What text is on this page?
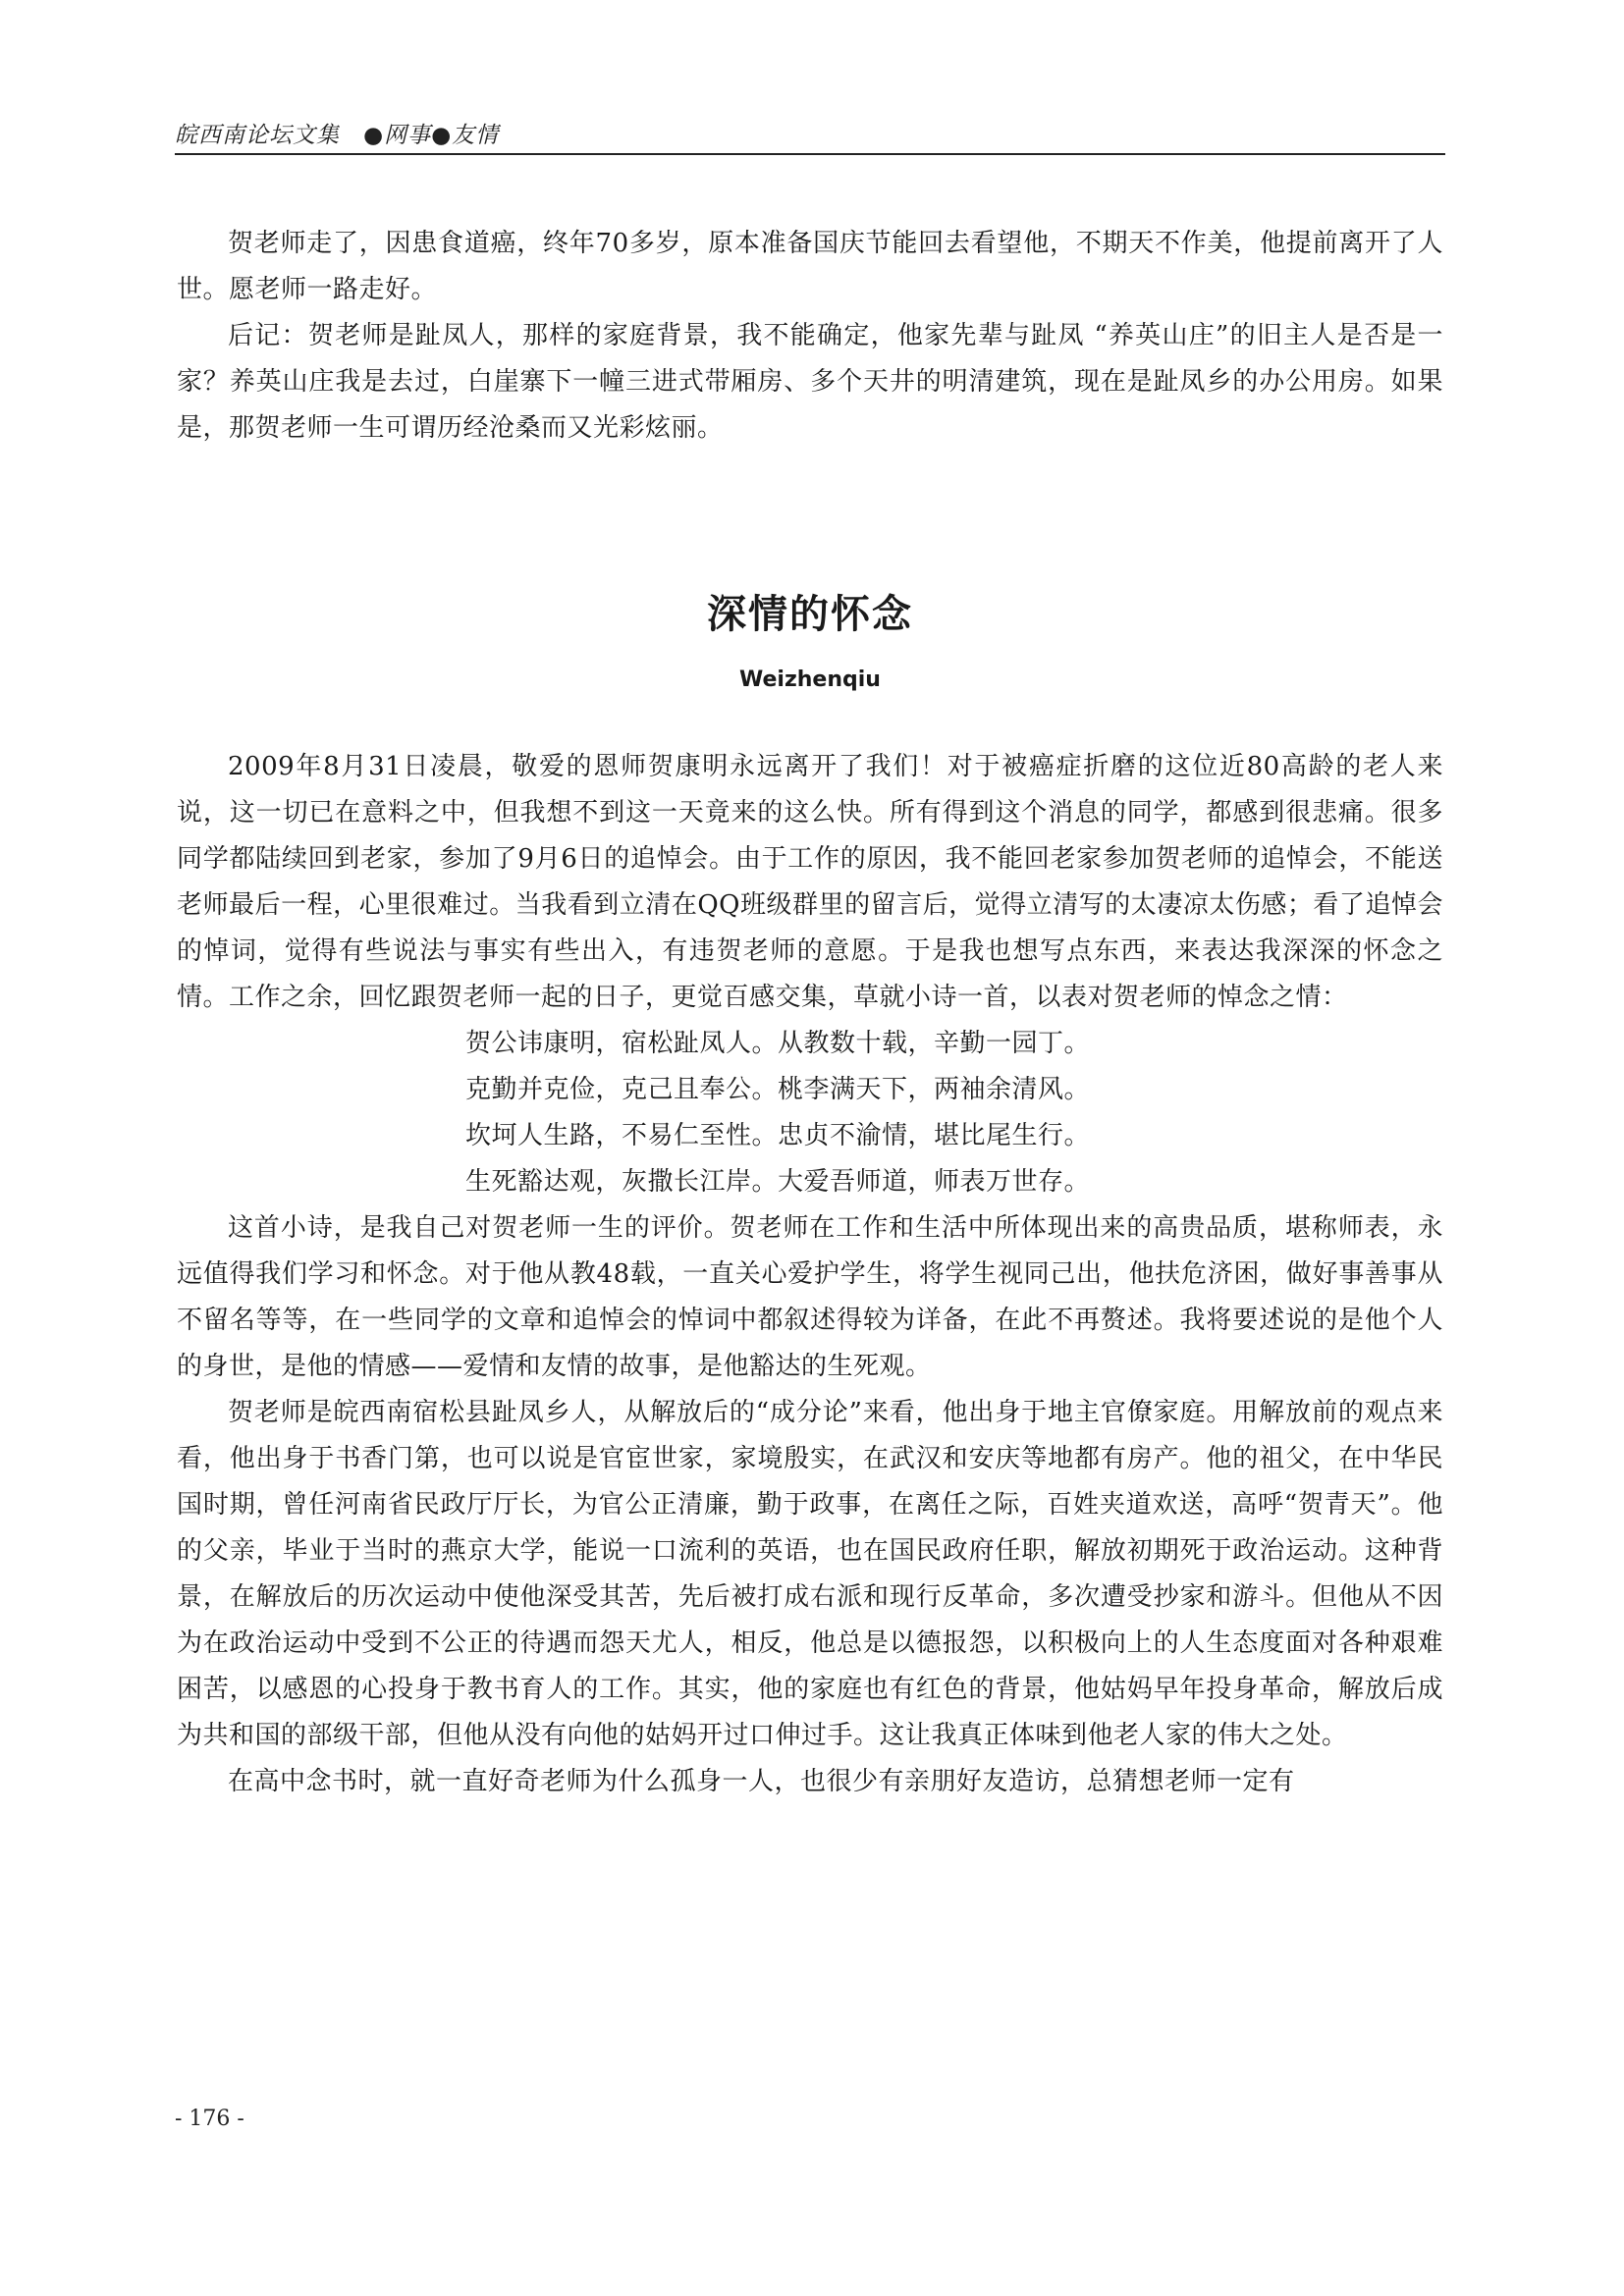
皖西南论坛文集　●网事●友情

贺老师走了，因患食道癌，终年70多岁，原本准备国庆节能回去看望他，不期天不作美，他提前离开了人世。愿老师一路走好。

后记：贺老师是趾凤人，那样的家庭背景，我不能确定，他家先辈与趾凤 “养英山庄”的旧主人是否是一家？养英山庄我是去过，白崖寨下一幢三进式带厢房、多个天井的明清建筑，现在是趾凤乡的办公用房。如果是，那贺老师一生可谓历经沧桑而又光彩炫丽。

深情的怀念
Weizhenqiu

2009年8月31日凌晨，敬爱的恩师贺康明永远离开了我们！对于被癌症折磨的这位近80高龄的老人来说，这一切已在意料之中，但我想不到这一天竟来的这么快。所有得到这个消息的同学，都感到很悲痛。很多同学都陆续回到老家，参加了9月6日的追悼会。由于工作的原因，我不能回老家参加贺老师的追悼会，不能送老师最后一程，心里很难过。当我看到立清在QQ班级群里的留言后，觉得立清写的太凄凉太伤感；看了追悼会的悼词，觉得有些说法与事实有些出入，有违贺老师的意愿。于是我也想写点东西，来表达我深深的怀念之情。工作之余，回忆跟贺老师一起的日子，更觉百感交集，草就小诗一首，以表对贺老师的悼念之情：

贺公讳康明，宿松趾凤人。从教数十载，辛勤一园丁。
克勤并克俭，克己且奉公。桃李满天下，两袖余清风。
坎坷人生路，不易仁至性。忠贞不渝情，堪比尾生行。
生死豁达观，灰撒长江岸。大爱吾师道，师表万世存。

这首小诗，是我自己对贺老师一生的评价。贺老师在工作和生活中所体现出来的高贵品质，堪称师表，永远值得我们学习和怀念。对于他从教48载，一直关心爱护学生，将学生视同己出，他扶危济困，做好事善事从不留名等等，在一些同学的文章和追悼会的悼词中都叙述得较为详备，在此不再赘述。我将要述说的是他个人的身世，是他的情感——爱情和友情的故事，是他豁达的生死观。

贺老师是皖西南宿松县趾凤乡人，从解放后的“成分论”来看，他出身于地主官僚家庭。用解放前的观点来看，他出身于书香门第，也可以说是官宦世家，家境殷实，在武汉和安庆等地都有房产。他的祖父，在中华民国时期，曾任河南省民政厅厅长，为官公正清廉，勤于政事，在离任之际，百姓夹道欢送，高呼“贺青天”。他的父亲，毕业于当时的燕京大学，能说一口流利的英语，也在国民政府任职，解放初期死于政治运动。这种背景，在解放后的历次运动中使他深受其苦，先后被打成右派和现行反革命，多次遭受抄家和游斗。但他从不因为在政治运动中受到不公正的待遇而怨天尤人，相反，他总是以德报怨，以积极向上的人生态度面对各种艰难困苦，以感恩的心投身于教书育人的工作。其实，他的家庭也有红色的背景，他姑妈早年投身革命，解放后成为共和国的部级干部，但他从没有向他的姑妈开过口伸过手。这让我真正体味到他老人家的伟大之处。

在高中念书时，就一直好奇老师为什么孤身一人，也很少有亲朋好友造访，总猜想老师一定有

- 176 -
